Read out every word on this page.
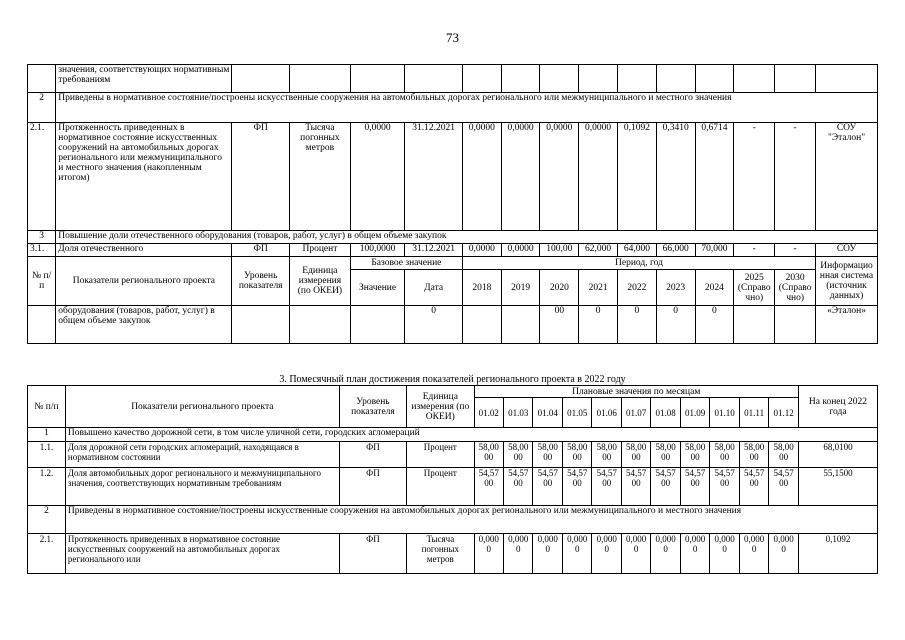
73
	значения, соответствующих нормативным требованиям														
2	Приведены в нормативное состояние/построены искусственные сооружения на автомобильных дорогах регионального или межмуниципального и местного значения														
2.1.	Протяженность приведенных в нормативное состояние искусственных сооружений на автомобильных дорогах регионального или межмуниципального и местного значения (накопленным итогом)	ФП	Тысяча погонных метров	0,0000	31.12.2021	0,0000	0,0000	0,0000	0,0000	0,1092	0,3410	0,6714	-	-	СОУ "Эталон"
3	Повышение доли отечественного оборудования (товаров, работ, услуг) в общем объеме закупок														
3.1.	Доля отечественного	ФП	Процент	100,0000	31.12.2021	0,0000	0,0000	100,00	62,000	64,000	66,000	70,000	-	-	СОУ
№ п/п	Показатели регионального проекта	Уровень показателя	Единица измерения (по ОКЕИ)	Базовое значение		Период, год									Информационная система (источник данных)
				Значение	Дата	2018	2019	2020	2021	2022	2023	2024	2025 (Справочно)	2030 (Справочно)	
	оборудования (товаров, работ, услуг) в общем объеме закупок				0			00	0	0	0	0			«Эталон»
3. Помесячный план достижения показателей регионального проекта в 2022 году
№ п/п	Показатели регионального проекта	Уровень показателя	Единица измерения (по ОКЕИ)	Плановые значения по месяцам											На конец 2022 года
				01.02	01.03	01.04	01.05	01.06	01.07	01.08	01.09	01.10	01.11	01.12	
1	Повышено качество дорожной сети, в том числе уличной сети, городских агломераций														
1.1.	Доля дорожной сети городских агломераций, находящаяся в нормативном состоянии	ФП	Процент	58,0000	58,0000	58,0000	58,0000	58,0000	58,0000	58,0000	58,0000	58,0000	58,0000	58,0000	68,0100
1.2.	Доля автомобильных дорог регионального и межмуниципального значения, соответствующих нормативным требованиям	ФП	Процент	54,5700	54,5700	54,5700	54,5700	54,5700	54,5700	54,5700	54,5700	54,5700	54,5700	54,5700	55,1500
2	Приведены в нормативное состояние/построены искусственные сооружения на автомобильных дорогах регионального или межмуниципального и местного значения														
2.1.	Протяженность приведенных в нормативное состояние искусственных сооружений на автомобильных дорогах регионального или	ФП	Тысяча погонных метров	0,0000	0,0000	0,0000	0,0000	0,0000	0,0000	0,0000	0,0000	0,0000	0,0000	0,0000	0,1092
